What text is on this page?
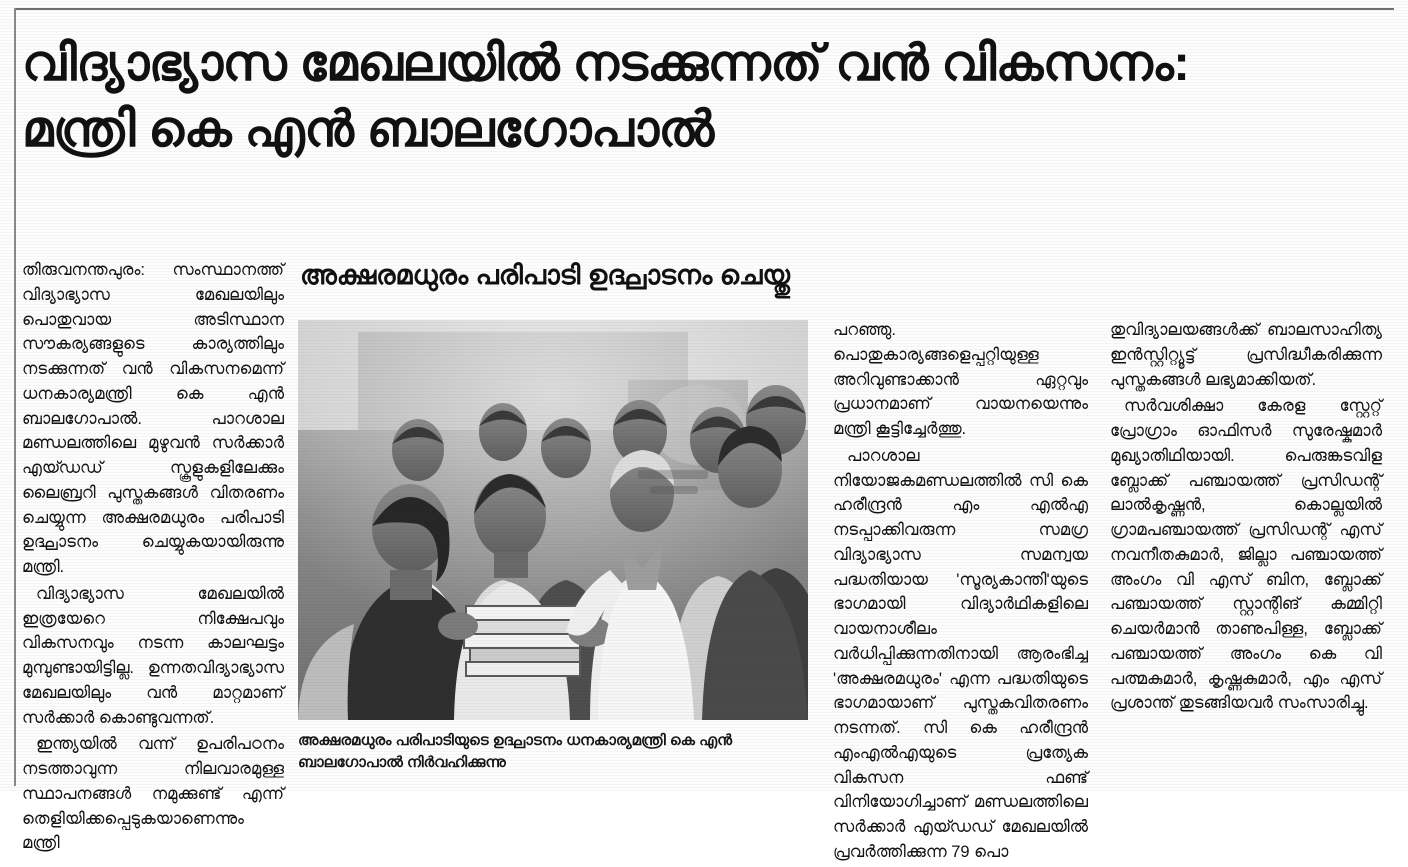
വിദ്യാഭ്യാസ മേഖലയിൽ നടക്കുന്നത് വൻ വികസനം:
മന്ത്രി കെ എൻ ബാലഗോപാൽ
അക്ഷരമധുരം പരിപാടി ഉദ്ഘാടനം ചെയ്തു

തിരുവനന്തപുരം: സംസ്ഥാനത്ത് വിദ്യാഭ്യാസ മേഖലയിലും പൊതുവായ അടിസ്ഥാന സൗകര്യങ്ങളുടെ കാര്യത്തിലും നടക്കുന്നത് വൻ വികസനമെന്ന് ധനകാര്യമന്ത്രി കെ എൻ ബാലഗോപാൽ. പാറശാല മണ്ഡലത്തിലെ മുഴുവൻ സർക്കാർ എയ്ഡഡ് സ്കൂളുകളിലേക്കും ലൈബ്രറി പുസ്തകങ്ങൾ വിതരണം ചെയ്യുന്ന അക്ഷരമധുരം പരിപാടി ഉദ്ഘാടനം ചെയ്യുകയായിരുന്നു മന്ത്രി.

വിദ്യാഭ്യാസ മേഖലയിൽ ഇത്രയേറെ നിക്ഷേപവും വികസനവും നടന്ന കാലഘട്ടം മുമ്പുണ്ടായിട്ടില്ല. ഉന്നതവിദ്യാഭ്യാസ മേഖലയിലും വൻ മാറ്റമാണ് സർക്കാർ കൊണ്ടുവന്നത്.

ഇന്ത്യയിൽ വന്ന് ഉപരിപഠനം നടത്താവുന്ന നിലവാരമുള്ള സ്ഥാപനങ്ങൾ നമുക്കുണ്ട് എന്ന് തെളിയിക്കപ്പെടുകയാണെന്നും മന്ത്രി

പറഞ്ഞു. പൊതുകാര്യങ്ങളെപ്പറ്റിയുള്ള അറിവുണ്ടാക്കാൻ ഏറ്റവും പ്രധാനമാണ് വായനയെന്നും മന്ത്രി കൂട്ടിച്ചേർത്തു.

പാറശാല നിയോജകമണ്ഡലത്തിൽ സി കെ ഹരീന്ദ്രൻ എം എൽഎ നടപ്പാക്കിവരുന്ന സമഗ്ര വിദ്യാഭ്യാസ സമന്വയ പദ്ധതിയായ 'സൂര്യകാന്തി'യുടെ ഭാഗമായി വിദ്യാർഥികളിലെ വായനാശീലം വർധിപ്പിക്കുന്നതിനായി ആരംഭിച്ച 'അക്ഷരമധുരം' എന്ന പദ്ധതിയുടെ ഭാഗമായാണ് പുസ്തകവിതരണം നടന്നത്. സി കെ ഹരീന്ദ്രൻ എംഎൽഎയുടെ പ്രത്യേക വികസന ഫണ്ട് വിനിയോഗിച്ചാണ് മണ്ഡലത്തിലെ സർക്കാർ എയ്ഡഡ് മേഖലയിൽ പ്രവർത്തിക്കുന്ന 79 പൊ

തുവിദ്യാലയങ്ങൾക്ക് ബാലസാഹിത്യ ഇൻസ്റ്റിറ്റ്യൂട്ട് പ്രസിദ്ധീകരിക്കുന്ന പുസ്തകങ്ങൾ ലഭ്യമാക്കിയത്.

സർവശിക്ഷാ കേരള സ്റ്റേറ്റ് പ്രോഗ്രാം ഓഫിസർ സുരേഷ്കുമാർ മുഖ്യാതിഥിയായി. പെരുങ്കടവിള ബ്ലോക്ക് പഞ്ചായത്ത് പ്രസിഡന്റ് ലാൽകൃഷ്ണൻ, കൊല്ലയിൽ ഗ്രാമപഞ്ചായത്ത് പ്രസിഡന്റ് എസ് നവനീതകുമാർ, ജില്ലാ പഞ്ചായത്ത് അംഗം വി എസ് ബിന, ബ്ലോക്ക് പഞ്ചായത്ത് സ്റ്റാന്റിങ് കമ്മിറ്റി ചെയർമാൻ താണുപിള്ള, ബ്ലോക്ക് പഞ്ചായത്ത് അംഗം കെ വി പത്മകുമാർ, കൃഷ്ണകുമാർ, എം എസ് പ്രശാന്ത് തുടങ്ങിയവർ സംസാരിച്ചു.

അക്ഷരമധുരം പരിപാടിയുടെ ഉദ്ഘാടനം ധനകാര്യമന്ത്രി കെ എൻ ബാലഗോപാൽ നിർവഹിക്കുന്നു
